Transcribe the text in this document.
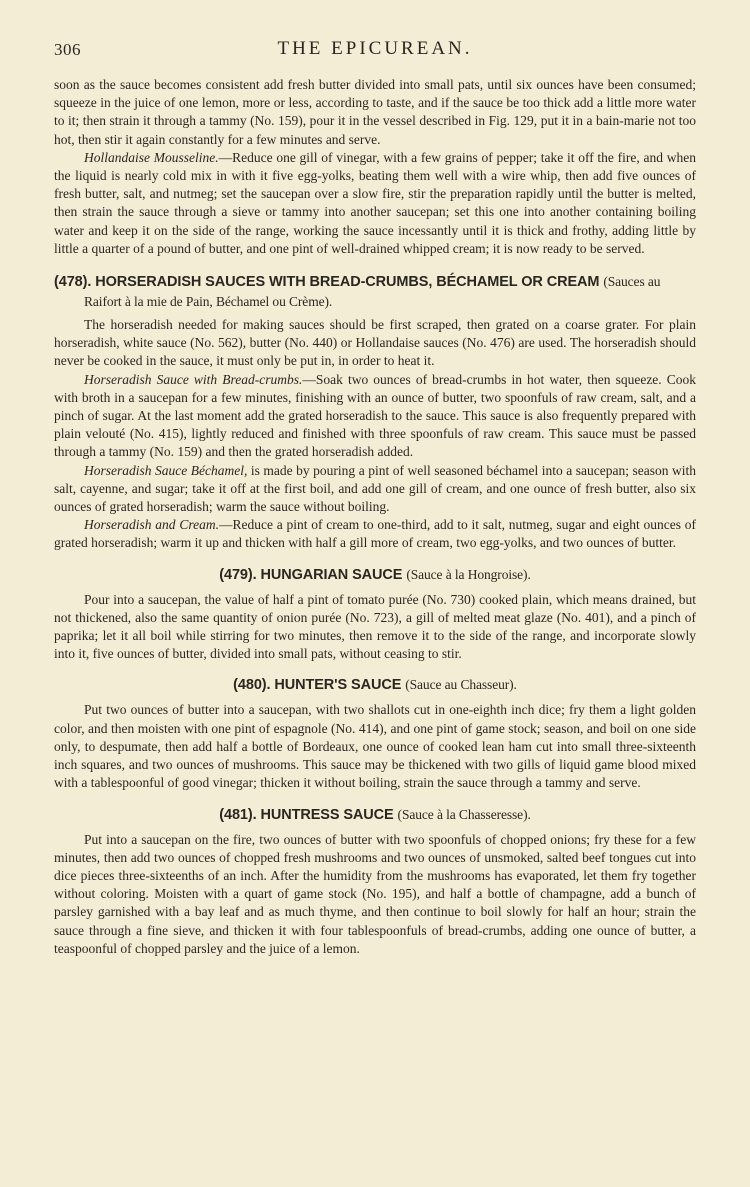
306	THE EPICUREAN.

soon as the sauce becomes consistent add fresh butter divided into small pats, until six ounces have been consumed; squeeze in the juice of one lemon, more or less, according to taste, and if the sauce be too thick add a little more water to it; then strain it through a tammy (No. 159), pour it in the vessel described in Fig. 129, put it in a bain-marie not too hot, then stir it again constantly for a few minutes and serve.

Hollandaise Mousseline.—Reduce one gill of vinegar, with a few grains of pepper; take it off the fire, and when the liquid is nearly cold mix in with it five egg-yolks, beating them well with a wire whip, then add five ounces of fresh butter, salt, and nutmeg; set the saucepan over a slow fire, stir the preparation rapidly until the butter is melted, then strain the sauce through a sieve or tammy into another saucepan; set this one into another containing boiling water and keep it on the side of the range, working the sauce incessantly until it is thick and frothy, adding little by little a quarter of a pound of butter, and one pint of well-drained whipped cream; it is now ready to be served.

(478). HORSERADISH SAUCES WITH BREAD-CRUMBS, BÉCHAMEL OR CREAM (Sauces au
Raifort à la mie de Pain, Béchamel ou Crème).

The horseradish needed for making sauces should be first scraped, then grated on a coarse grater. For plain horseradish, white sauce (No. 562), butter (No. 440) or Hollandaise sauces (No. 476) are used. The horseradish should never be cooked in the sauce, it must only be put in, in order to heat it.

Horseradish Sauce with Bread-crumbs.—Soak two ounces of bread-crumbs in hot water, then squeeze. Cook with broth in a saucepan for a few minutes, finishing with an ounce of butter, two spoonfuls of raw cream, salt, and a pinch of sugar. At the last moment add the grated horseradish to the sauce. This sauce is also frequently prepared with plain velouté (No. 415), lightly reduced and finished with three spoonfuls of raw cream. This sauce must be passed through a tammy (No. 159) and then the grated horseradish added.

Horseradish Sauce Béchamel, is made by pouring a pint of well seasoned béchamel into a saucepan; season with salt, cayenne, and sugar; take it off at the first boil, and add one gill of cream, and one ounce of fresh butter, also six ounces of grated horseradish; warm the sauce without boiling.

Horseradish and Cream.—Reduce a pint of cream to one-third, add to it salt, nutmeg, sugar and eight ounces of grated horseradish; warm it up and thicken with half a gill more of cream, two egg-yolks, and two ounces of butter.

(479). HUNGARIAN SAUCE (Sauce à la Hongroise).

Pour into a saucepan, the value of half a pint of tomato purée (No. 730) cooked plain, which means drained, but not thickened, also the same quantity of onion purée (No. 723), a gill of melted meat glaze (No. 401), and a pinch of paprika; let it all boil while stirring for two minutes, then remove it to the side of the range, and incorporate slowly into it, five ounces of butter, divided into small pats, without ceasing to stir.

(480). HUNTER'S SAUCE (Sauce au Chasseur).

Put two ounces of butter into a saucepan, with two shallots cut in one-eighth inch dice; fry them a light golden color, and then moisten with one pint of espagnole (No. 414), and one pint of game stock; season, and boil on one side only, to despumate, then add half a bottle of Bordeaux, one ounce of cooked lean ham cut into small three-sixteenth inch squares, and two ounces of mushrooms. This sauce may be thickened with two gills of liquid game blood mixed with a tablespoonful of good vinegar; thicken it without boiling, strain the sauce through a tammy and serve.

(481). HUNTRESS SAUCE (Sauce à la Chasseresse).

Put into a saucepan on the fire, two ounces of butter with two spoonfuls of chopped onions; fry these for a few minutes, then add two ounces of chopped fresh mushrooms and two ounces of unsmoked, salted beef tongues cut into dice pieces three-sixteenths of an inch. After the humidity from the mushrooms has evaporated, let them fry together without coloring. Moisten with a quart of game stock (No. 195), and half a bottle of champagne, add a bunch of parsley garnished with a bay leaf and as much thyme, and then continue to boil slowly for half an hour; strain the sauce through a fine sieve, and thicken it with four tablespoonfuls of bread-crumbs, adding one ounce of butter, a teaspoonful of chopped parsley and the juice of a lemon.
